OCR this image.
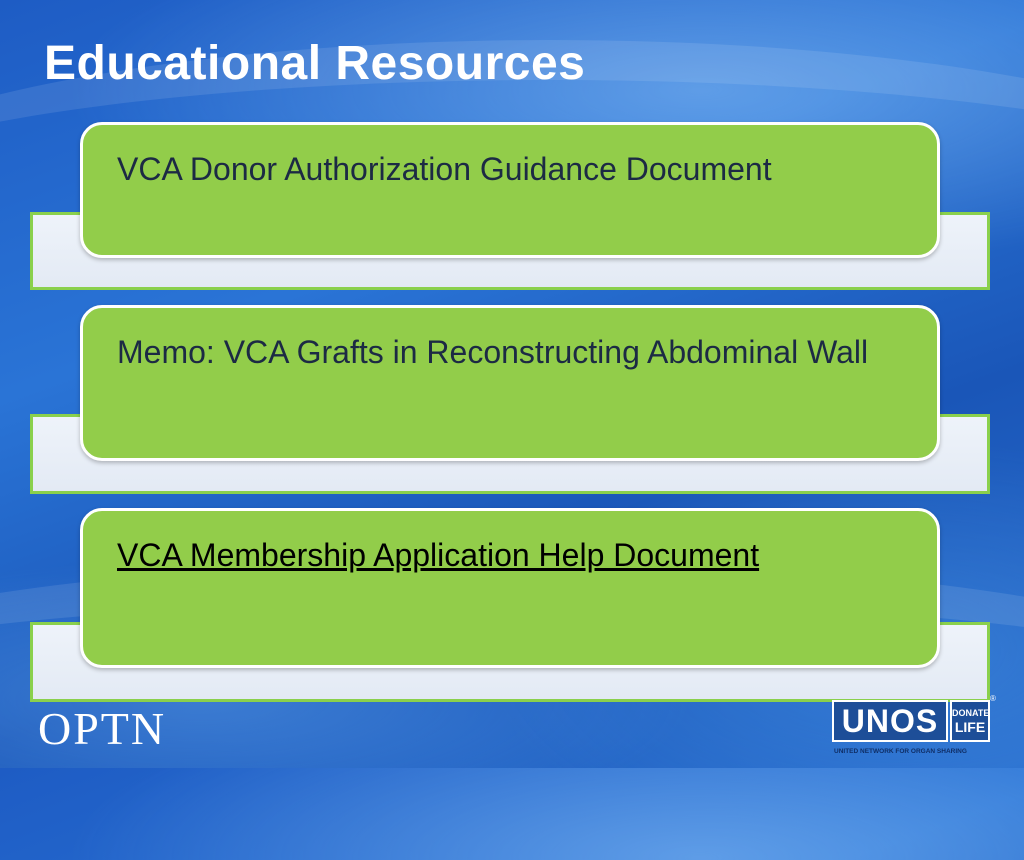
Educational Resources
VCA Donor Authorization Guidance Document
Memo: VCA Grafts in Reconstructing Abdominal Wall
VCA Membership Application Help Document
OPTN	UNOS	DONATE
LIFE
®
UNITED NETWORK FOR ORGAN SHARING
